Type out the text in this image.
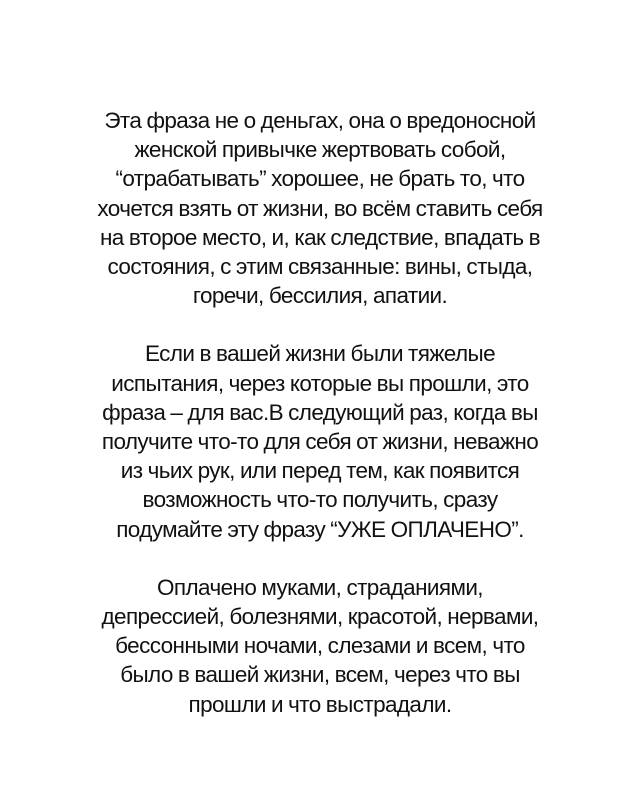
Эта фраза не о деньгах, она о вредоносной
женской привычке жертвовать собой,
“отрабатывать” хорошее, не брать то, что
хочется взять от жизни, во всём ставить себя
на второе место, и, как следствие, впадать в
состояния, с этим связанные: вины, стыда,
горечи, бессилия, апатии.
Если в вашей жизни были тяжелые
испытания, через которые вы прошли, это
фраза – для вас.В следующий раз, когда вы
получите что-то для себя от жизни, неважно
из чьих рук, или перед тем, как появится
возможность что-то получить, сразу
подумайте эту фразу “УЖЕ ОПЛАЧЕНО”.
Оплачено муками, страданиями,
депрессией, болезнями, красотой, нервами,
бессонными ночами, слезами и всем, что
было в вашей жизни, всем, через что вы
прошли и что выстрадали.
